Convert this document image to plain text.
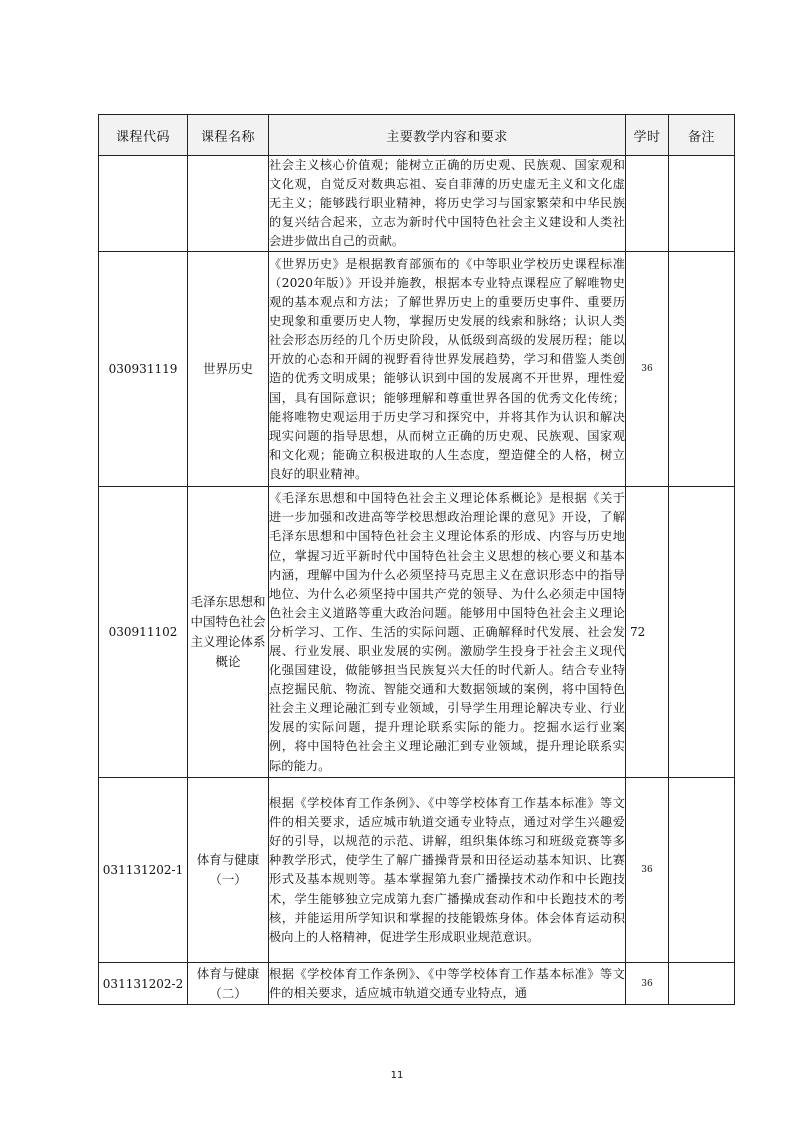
课程代码	课程名称	主要教学内容和要求	学时	备注
		社会主义核心价值观；能树立正确的历史观、民族观、国家观和文化观，自觉反对数典忘祖、妄自菲薄的历史虚无主义和文化虚无主义；能够践行职业精神，将历史学习与国家繁荣和中华民族的复兴结合起来，立志为新时代中国特色社会主义建设和人类社会进步做出自己的贡献。		
030931119	世界历史	《世界历史》是根据教育部颁布的《中等职业学校历史课程标准（2020年版）》开设并施教，根据本专业特点课程应了解唯物史观的基本观点和方法；了解世界历史上的重要历史事件、重要历史现象和重要历史人物，掌握历史发展的线索和脉络；认识人类社会形态历经的几个历史阶段，从低级到高级的发展历程；能以开放的心态和开阔的视野看待世界发展趋势，学习和借鉴人类创造的优秀文明成果；能够认识到中国的发展离不开世界，理性爱国，具有国际意识；能够理解和尊重世界各国的优秀文化传统；能将唯物史观运用于历史学习和探究中，并将其作为认识和解决现实问题的指导思想，从而树立正确的历史观、民族观、国家观和文化观；能确立积极进取的人生态度，塑造健全的人格，树立良好的职业精神。	36	
030911102	毛泽东思想和中国特色社会主义理论体系概论	《毛泽东思想和中国特色社会主义理论体系概论》是根据《关于进一步加强和改进高等学校思想政治理论课的意见》开设，了解毛泽东思想和中国特色社会主义理论体系的形成、内容与历史地位，掌握习近平新时代中国特色社会主义思想的核心要义和基本内涵，理解中国为什么必须坚持马克思主义在意识形态中的指导地位、为什么必须坚持中国共产党的领导、为什么必须走中国特色社会主义道路等重大政治问题。能够用中国特色社会主义理论分析学习、工作、生活的实际问题、正确解释时代发展、社会发展、行业发展、职业发展的实例。激励学生投身于社会主义现代化强国建设，做能够担当民族复兴大任的时代新人。结合专业特点挖掘民航、物流、智能交通和大数据领域的案例，将中国特色社会主义理论融汇到专业领域，引导学生用理论解决专业、行业发展的实际问题，提升理论联系实际的能力。挖掘水运行业案例，将中国特色社会主义理论融汇到专业领域，提升理论联系实际的能力。	72	
031131202-1	体育与健康（一）	根据《学校体育工作条例》、《中等学校体育工作基本标准》等文件的相关要求，适应城市轨道交通专业特点，通过对学生兴趣爱好的引导，以规范的示范、讲解，组织集体练习和班级竞赛等多种教学形式，使学生了解广播操背景和田径运动基本知识、比赛形式及基本规则等。基本掌握第九套广播操技术动作和中长跑技术，学生能够独立完成第九套广播操成套动作和中长跑技术的考核，并能运用所学知识和掌握的技能锻炼身体。体会体育运动积极向上的人格精神，促进学生形成职业规范意识。	36	
031131202-2	体育与健康（二）	根据《学校体育工作条例》、《中等学校体育工作基本标准》等文件的相关要求，适应城市轨道交通专业特点，通	36	
11
